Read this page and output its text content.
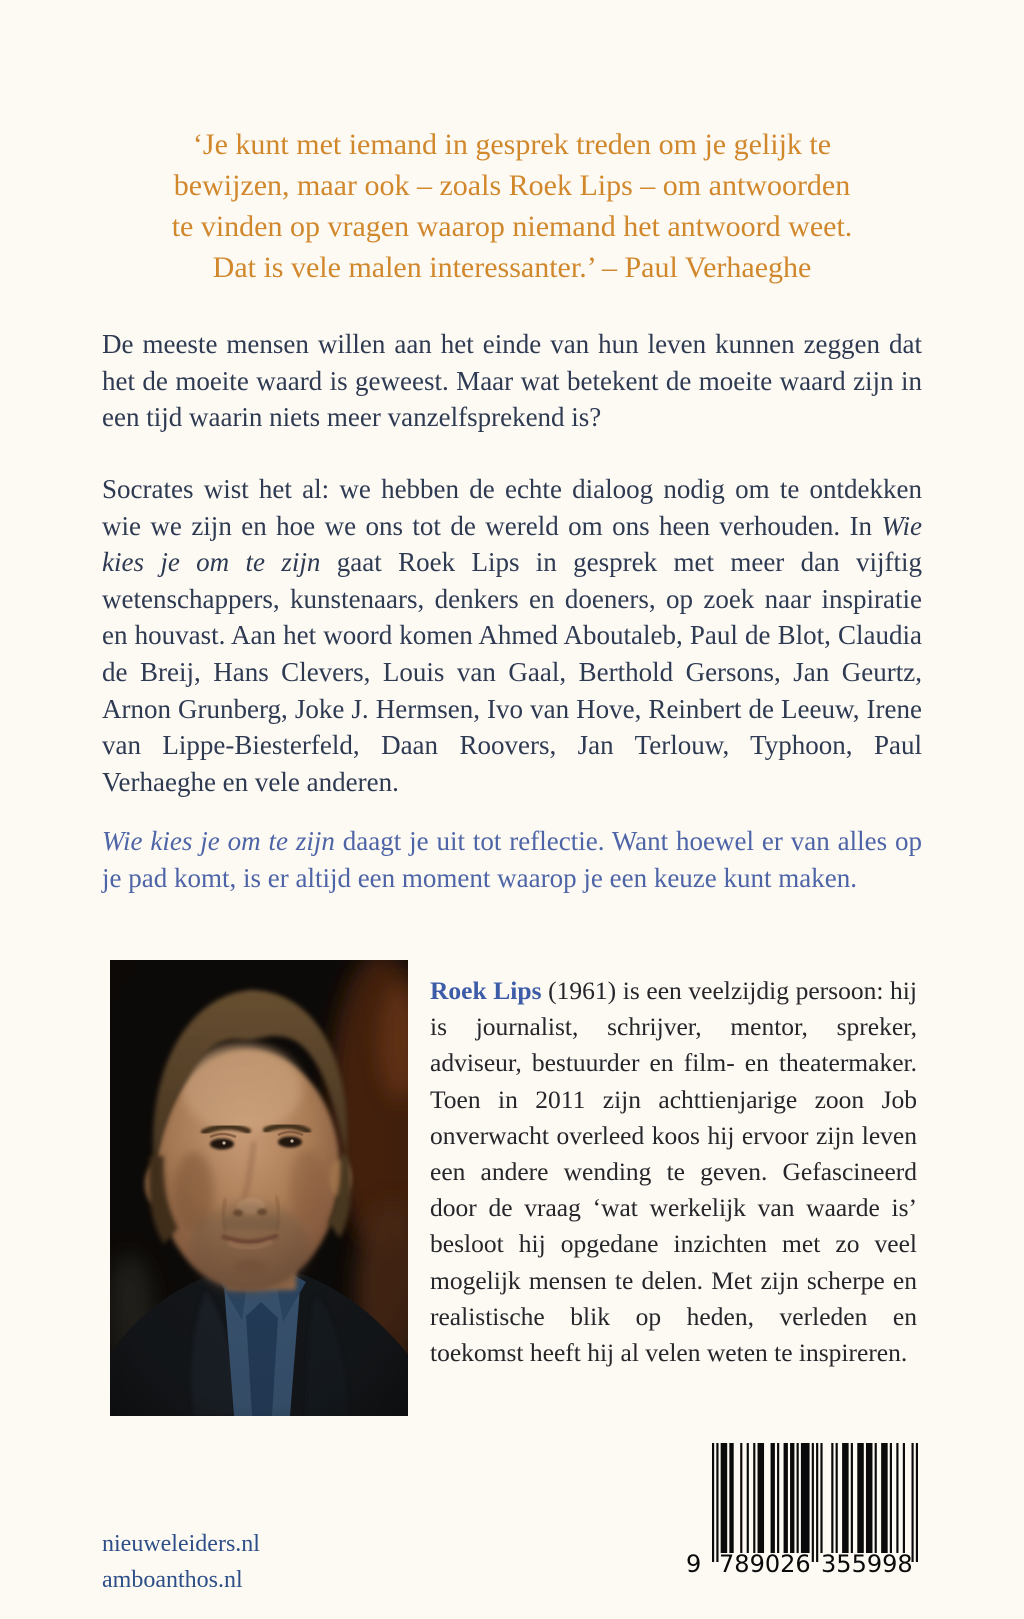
‘Je kunt met iemand in gesprek treden om je gelijk te
bewijzen, maar ook – zoals Roek Lips – om antwoorden
te vinden op vragen waarop niemand het antwoord weet.
Dat is vele malen interessanter.’ – Paul Verhaeghe

De meeste mensen willen aan het einde van hun leven kunnen zeggen dat het de moeite waard is geweest. Maar wat betekent de moeite waard zijn in een tijd waarin niets meer vanzelfsprekend is?

Socrates wist het al: we hebben de echte dialoog nodig om te ontdekken wie we zijn en hoe we ons tot de wereld om ons heen verhouden. In Wie kies je om te zijn gaat Roek Lips in gesprek met meer dan vijftig wetenschappers, kunstenaars, denkers en doeners, op zoek naar inspiratie en houvast. Aan het woord komen Ahmed Aboutaleb, Paul de Blot, Claudia de Breij, Hans Clevers, Louis van Gaal, Berthold Gersons, Jan Geurtz, Arnon Grunberg, Joke J. Hermsen, Ivo van Hove, Reinbert de Leeuw, Irene van Lippe-Biesterfeld, Daan Roovers, Jan Terlouw, Typhoon, Paul Verhaeghe en vele anderen.

Wie kies je om te zijn daagt je uit tot reflectie. Want hoewel er van alles op je pad komt, is er altijd een moment waarop je een keuze kunt maken.

Roek Lips (1961) is een veelzijdig persoon: hij is journalist, schrijver, mentor, spreker, adviseur, bestuurder en film- en theatermaker. Toen in 2011 zijn achttienjarige zoon Job onverwacht overleed koos hij ervoor zijn leven een andere wending te geven. Gefascineerd door de vraag ‘wat werkelijk van waarde is’ besloot hij opgedane inzichten met zo veel mogelijk mensen te delen. Met zijn scherpe en realistische blik op heden, verleden en toekomst heeft hij al velen weten te inspireren.

nieuweleiders.nl
amboanthos.nl
9 7 8 9 0 2 6 3 5 5 9 9 8
